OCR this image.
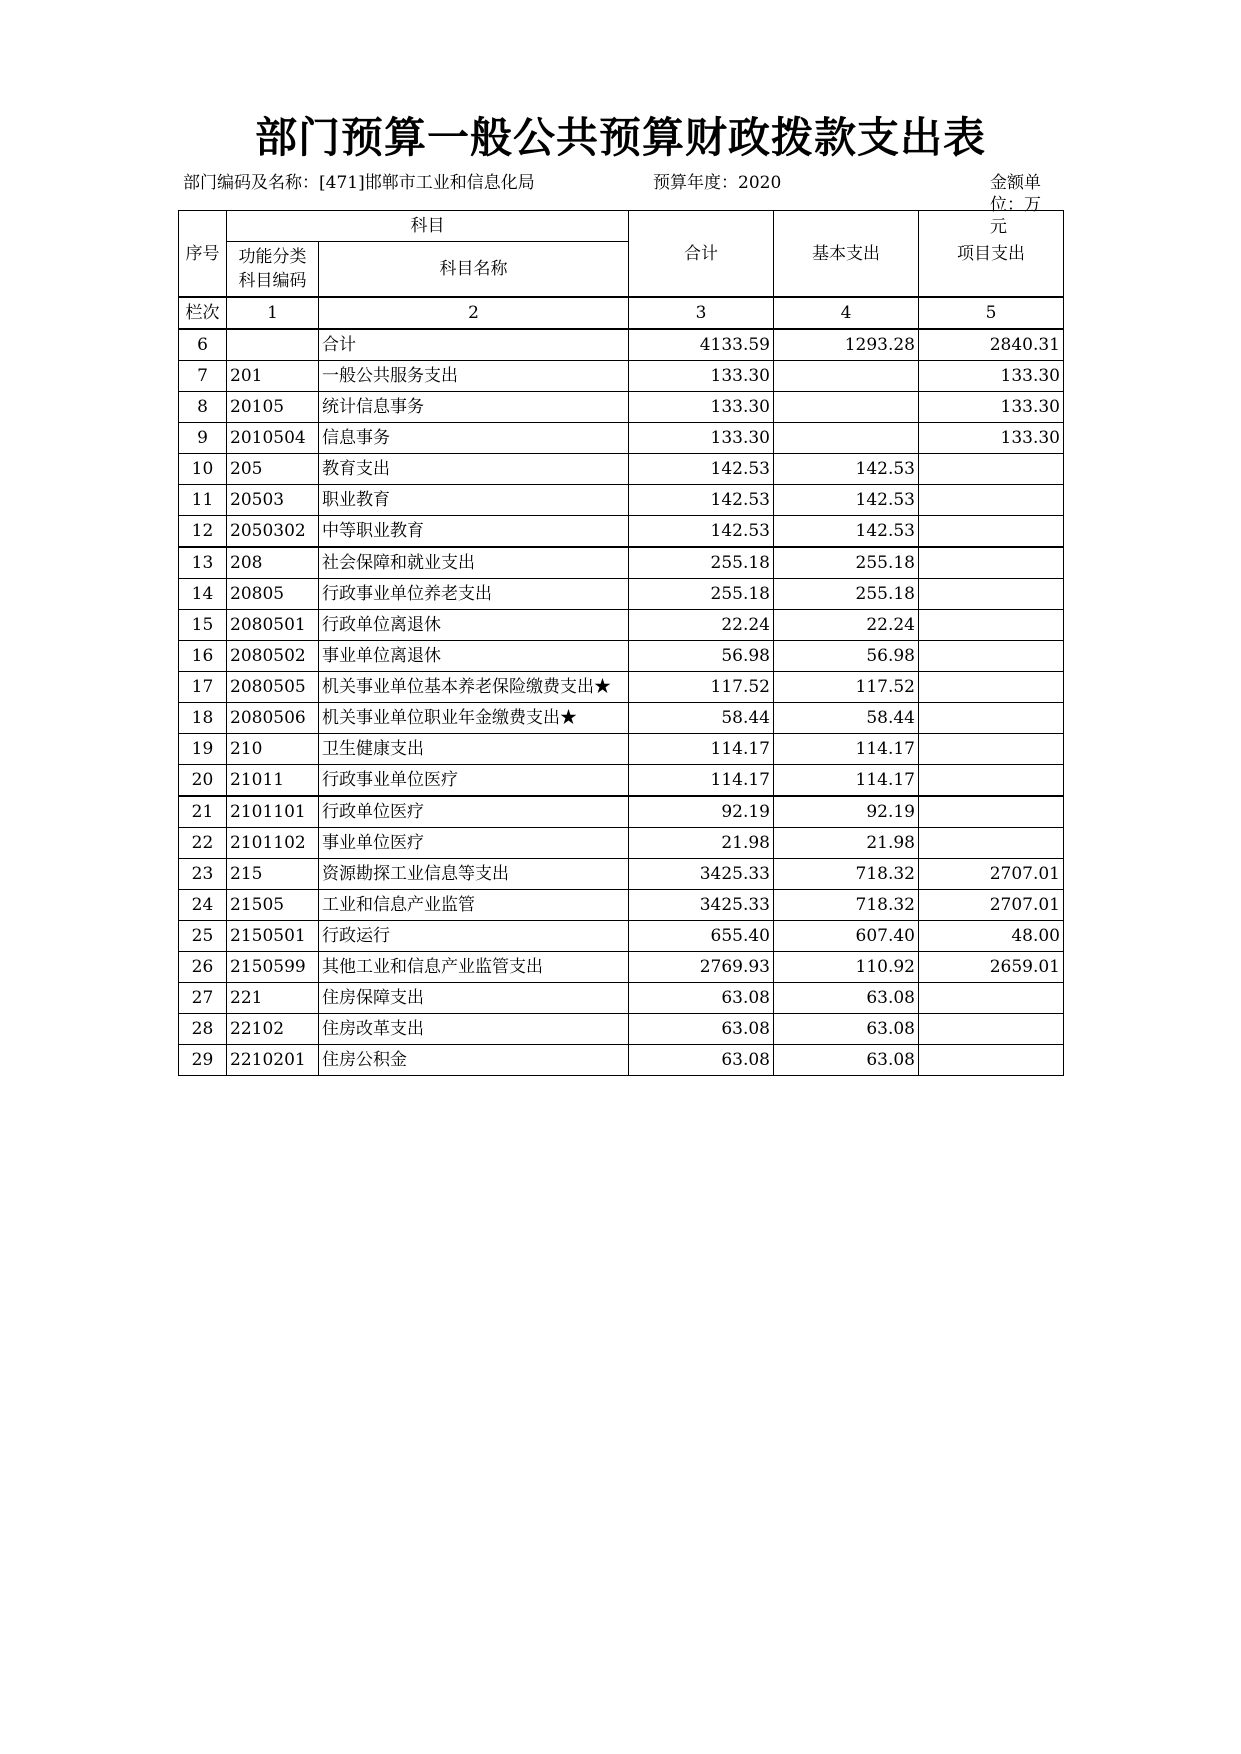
部门预算一般公共预算财政拨款支出表
部门编码及名称：[471]邯郸市工业和信息化局	预算年度：2020	金额单位：万元
序号	科目		合计	基本支出	项目支出

	功能分类科目编码	科目名称			
栏次	1	2	3	4	5
6		合计	4133.59	1293.28	2840.31
7	201	一般公共服务支出	133.30		133.30
8	20105	统计信息事务	133.30		133.30
9	2010504	信息事务	133.30		133.30
10	205	教育支出	142.53	142.53	
11	20503	职业教育	142.53	142.53	
12	2050302	中等职业教育	142.53	142.53	
13	208	社会保障和就业支出	255.18	255.18	
14	20805	行政事业单位养老支出	255.18	255.18	
15	2080501	行政单位离退休	22.24	22.24	
16	2080502	事业单位离退休	56.98	56.98	
17	2080505	机关事业单位基本养老保险缴费支出★	117.52	117.52	
18	2080506	机关事业单位职业年金缴费支出★	58.44	58.44	
19	210	卫生健康支出	114.17	114.17	
20	21011	行政事业单位医疗	114.17	114.17	
21	2101101	行政单位医疗	92.19	92.19	
22	2101102	事业单位医疗	21.98	21.98	
23	215	资源勘探工业信息等支出	3425.33	718.32	2707.01
24	21505	工业和信息产业监管	3425.33	718.32	2707.01
25	2150501	行政运行	655.40	607.40	48.00
26	2150599	其他工业和信息产业监管支出	2769.93	110.92	2659.01
27	221	住房保障支出	63.08	63.08	
28	22102	住房改革支出	63.08	63.08	
29	2210201	住房公积金	63.08	63.08	
